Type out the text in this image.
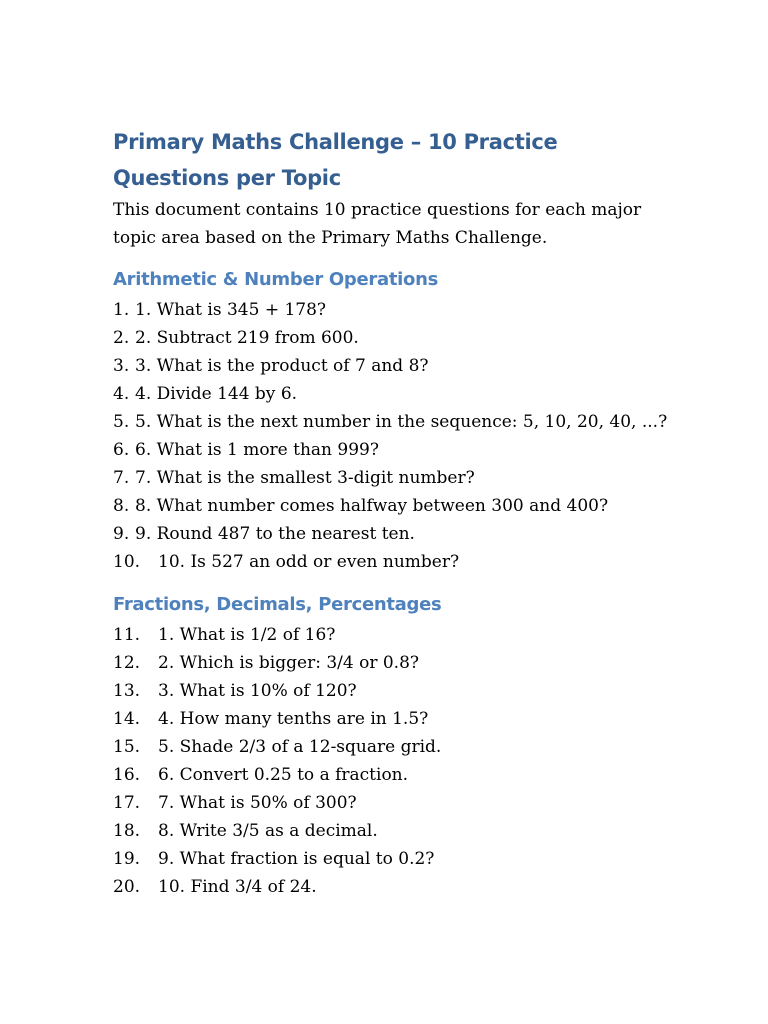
Primary Maths Challenge – 10 Practice Questions per Topic

This document contains 10 practice questions for each major topic area based on the Primary Maths Challenge.

Arithmetic & Number Operations
1. 1. What is 345 + 178?
2. 2. Subtract 219 from 600.
3. 3. What is the product of 7 and 8?
4. 4. Divide 144 by 6.
5. 5. What is the next number in the sequence: 5, 10, 20, 40, ...?
6. 6. What is 1 more than 999?
7. 7. What is the smallest 3-digit number?
8. 8. What number comes halfway between 300 and 400?
9. 9. Round 487 to the nearest ten.
10. 10. Is 527 an odd or even number?
Fractions, Decimals, Percentages
11. 1. What is 1/2 of 16?
12. 2. Which is bigger: 3/4 or 0.8?
13. 3. What is 10% of 120?
14. 4. How many tenths are in 1.5?
15. 5. Shade 2/3 of a 12-square grid.
16. 6. Convert 0.25 to a fraction.
17. 7. What is 50% of 300?
18. 8. Write 3/5 as a decimal.
19. 9. What fraction is equal to 0.2?
20. 10. Find 3/4 of 24.
